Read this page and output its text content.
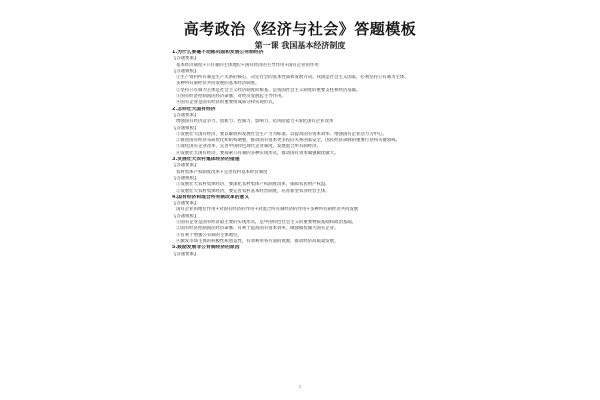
高考政治《经济与社会》答题模板
第一课 我国基本经济制度
1.为什么要毫不动摇巩固和发展公有制经济
【答题要素】
基本经济制度+公有制的主体地位+国有经济的主导作用+国有企业的作用
【答题模板】
①生产资料所有制是生产关系的核心，决定社会的基本性质和发展方向。我国是社会主义国家，必须坚持公有制为主体、
多种所有制经济共同发展的基本经济制度。
②坚持公有制为主体是社会主义经济制度的根基，是我国社会主义制度的重要支柱和经济基础。
③国有经济控制国民经济命脉，对经济发展起主导作用。
④国有企业是国有经济的重要组成部分和实现形式。
2.怎样壮大国有经济
【答题要素】
增强国有经济竞争力、创新力、控制力、影响力、抗风险能力+深化国有企业改革
【答题模板】
①发展壮大国有经济，要以解放和发展社会生产力为标准，以提高国有资本效率、增强国有企业活力为中心。
②推进国有经济布局优化和结构调整，推动国有资本更多投向关系国家安全、国民经济命脉的重要行业和关键领域。
③深化国有企业改革，完善中国特色现代企业制度，发展混合所有制经济。
④发展壮大国有经济，要探索公有制的多种实现形式，推动国有资本做强做优做大。
3.发展壮大农村集体经济的措施
【答题要素】
农村集体产权制度改革+完善农村基本经营制度
【答题模板】
①发展壮大农村集体经济，要深化农村集体产权制度改革，保障农民财产权益。
②发展壮大农村集体经济，要完善农村基本经营制度，培育新型农业经营主体。
4.国有经济和混合所有制改革的意义
【答题要素】
国有企业的地位作用+对国有经济的作用+对混合所有制经济的作用+多种所有制经济共同发展
【答题模板】
①国有企业是国有经济最主要的实现形式，是中国特色社会主义的重要物质基础和政治基础。
②国有经济控制国民经济命脉，有利于提高国有资本效率，做强做优做大国有企业。
③有利于增强公有制的主体地位。
④激发市场主体的积极性和创造性，有效利用各方面的资源，推动经济高质量发展。
5.鼓励发展非公有制经济的原因
【答题要素】
1
